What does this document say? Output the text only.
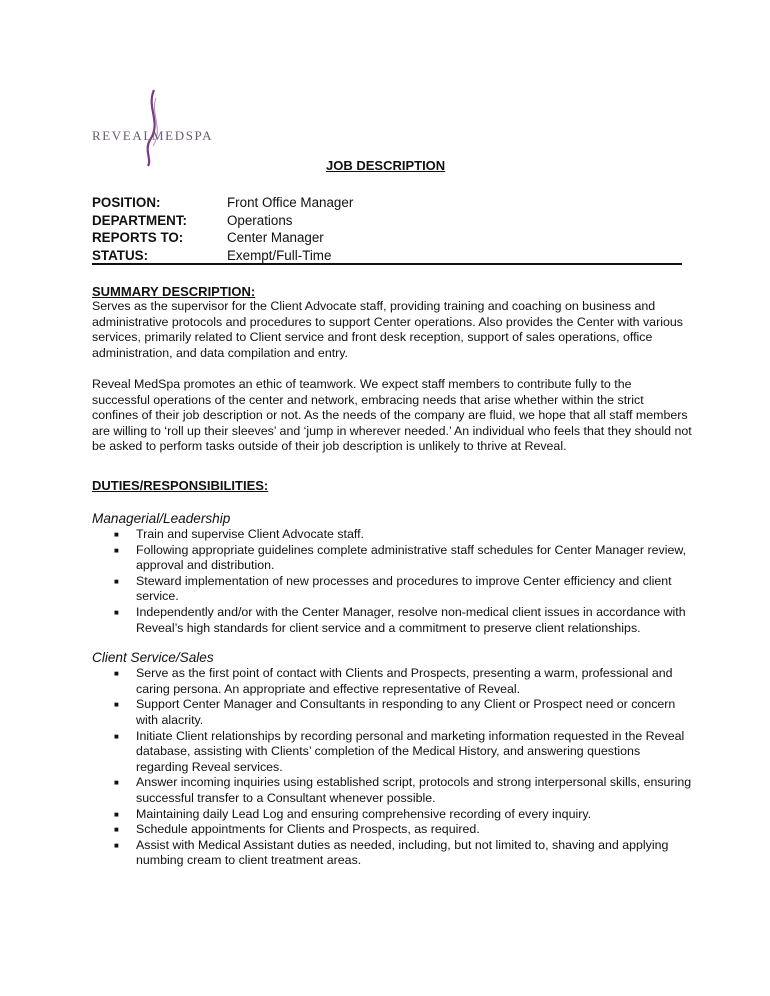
REVEAL MEDSPA
JOB DESCRIPTION
POSITION:	Front Office Manager
DEPARTMENT:	Operations
REPORTS TO:	Center Manager
STATUS:	Exempt/Full-Time
SUMMARY DESCRIPTION:

Serves as the supervisor for the Client Advocate staff, providing training and coaching on business and administrative protocols and procedures to support Center operations. Also provides the Center with various services, primarily related to Client service and front desk reception, support of sales operations, office administration, and data compilation and entry.

Reveal MedSpa promotes an ethic of teamwork. We expect staff members to contribute fully to the successful operations of the center and network, embracing needs that arise whether within the strict confines of their job description or not. As the needs of the company are fluid, we hope that all staff members are willing to ‘roll up their sleeves’ and ‘jump in wherever needed.’ An individual who feels that they should not be asked to perform tasks outside of their job description is unlikely to thrive at Reveal.

DUTIES/RESPONSIBILITIES:
Managerial/Leadership
■ Train and supervise Client Advocate staff.
■ Following appropriate guidelines complete administrative staff schedules for Center Manager review, approval and distribution.
■ Steward implementation of new processes and procedures to improve Center efficiency and client service.
■ Independently and/or with the Center Manager, resolve non-medical client issues in accordance with Reveal’s high standards for client service and a commitment to preserve client relationships.
Client Service/Sales
■ Serve as the first point of contact with Clients and Prospects, presenting a warm, professional and caring persona. An appropriate and effective representative of Reveal.
■ Support Center Manager and Consultants in responding to any Client or Prospect need or concern with alacrity.
■ Initiate Client relationships by recording personal and marketing information requested in the Reveal database, assisting with Clients’ completion of the Medical History, and answering questions regarding Reveal services.
■ Answer incoming inquiries using established script, protocols and strong interpersonal skills, ensuring successful transfer to a Consultant whenever possible.
■ Maintaining daily Lead Log and ensuring comprehensive recording of every inquiry.
■ Schedule appointments for Clients and Prospects, as required.
■ Assist with Medical Assistant duties as needed, including, but not limited to, shaving and applying numbing cream to client treatment areas.
